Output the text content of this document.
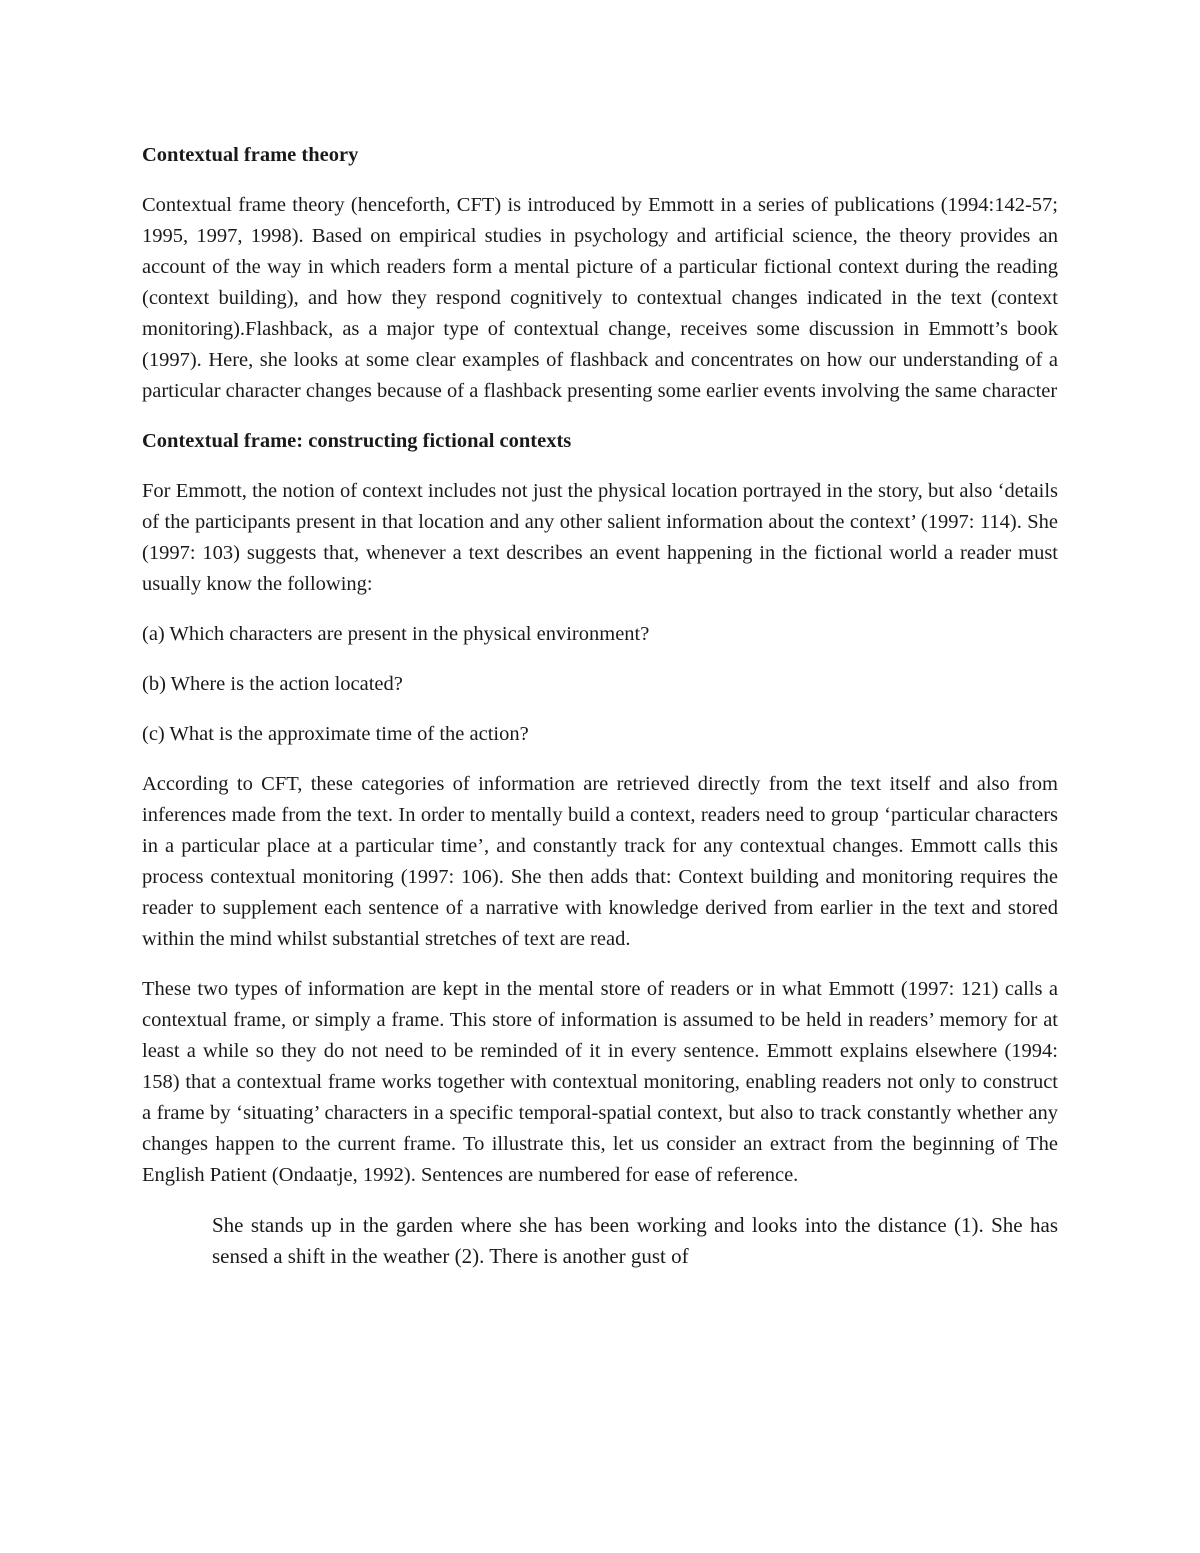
Contextual frame theory

Contextual frame theory (henceforth, CFT) is introduced by Emmott in a series of publications (1994:142-57; 1995, 1997, 1998). Based on empirical studies in psychology and artificial science, the theory provides an account of the way in which readers form a mental picture of a particular fictional context during the reading (context building), and how they respond cognitively to contextual changes indicated in the text (context monitoring).Flashback, as a major type of contextual change, receives some discussion in Emmott’s book (1997). Here, she looks at some clear examples of flashback and concentrates on how our understanding of a particular character changes because of a flashback presenting some earlier events involving the same character

Contextual frame: constructing fictional contexts

For Emmott, the notion of context includes not just the physical location portrayed in the story, but also ‘details of the participants present in that location and any other salient information about the context’ (1997: 114). She (1997: 103) suggests that, whenever a text describes an event happening in the fictional world a reader must usually know the following:

(a) Which characters are present in the physical environment?

(b) Where is the action located?

(c) What is the approximate time of the action?

According to CFT, these categories of information are retrieved directly from the text itself and also from inferences made from the text. In order to mentally build a context, readers need to group ‘particular characters in a particular place at a particular time’, and constantly track for any contextual changes. Emmott calls this process contextual monitoring (1997: 106). She then adds that: Context building and monitoring requires the reader to supplement each sentence of a narrative with knowledge derived from earlier in the text and stored within the mind whilst substantial stretches of text are read.

These two types of information are kept in the mental store of readers or in what Emmott (1997: 121) calls a contextual frame, or simply a frame. This store of information is assumed to be held in readers’ memory for at least a while so they do not need to be reminded of it in every sentence. Emmott explains elsewhere (1994: 158) that a contextual frame works together with contextual monitoring, enabling readers not only to construct a frame by ‘situating’ characters in a specific temporal-spatial context, but also to track constantly whether any changes happen to the current frame. To illustrate this, let us consider an extract from the beginning of The English Patient (Ondaatje, 1992). Sentences are numbered for ease of reference.

She stands up in the garden where she has been working and looks into the distance (1). She has sensed a shift in the weather (2). There is another gust of
